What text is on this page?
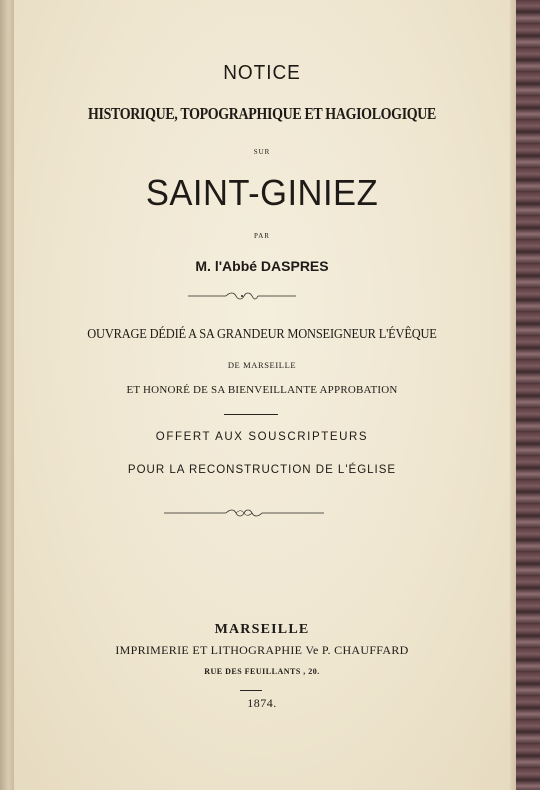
NOTICE
HISTORIQUE, TOPOGRAPHIQUE ET HAGIOLOGIQUE
SUR
SAINT-GINIEZ
PAR
M. l'Abbé DASPRES
OUVRAGE DÉDIÉ A SA GRANDEUR MONSEIGNEUR L'ÉVÊQUE
DE MARSEILLE
ET HONORÉ DE SA BIENVEILLANTE APPROBATION
OFFERT AUX SOUSCRIPTEURS
POUR LA RECONSTRUCTION DE L'ÉGLISE
MARSEILLE
IMPRIMERIE ET LITHOGRAPHIE Ve P. CHAUFFARD
RUE DES FEUILLANTS , 20.
1874.
